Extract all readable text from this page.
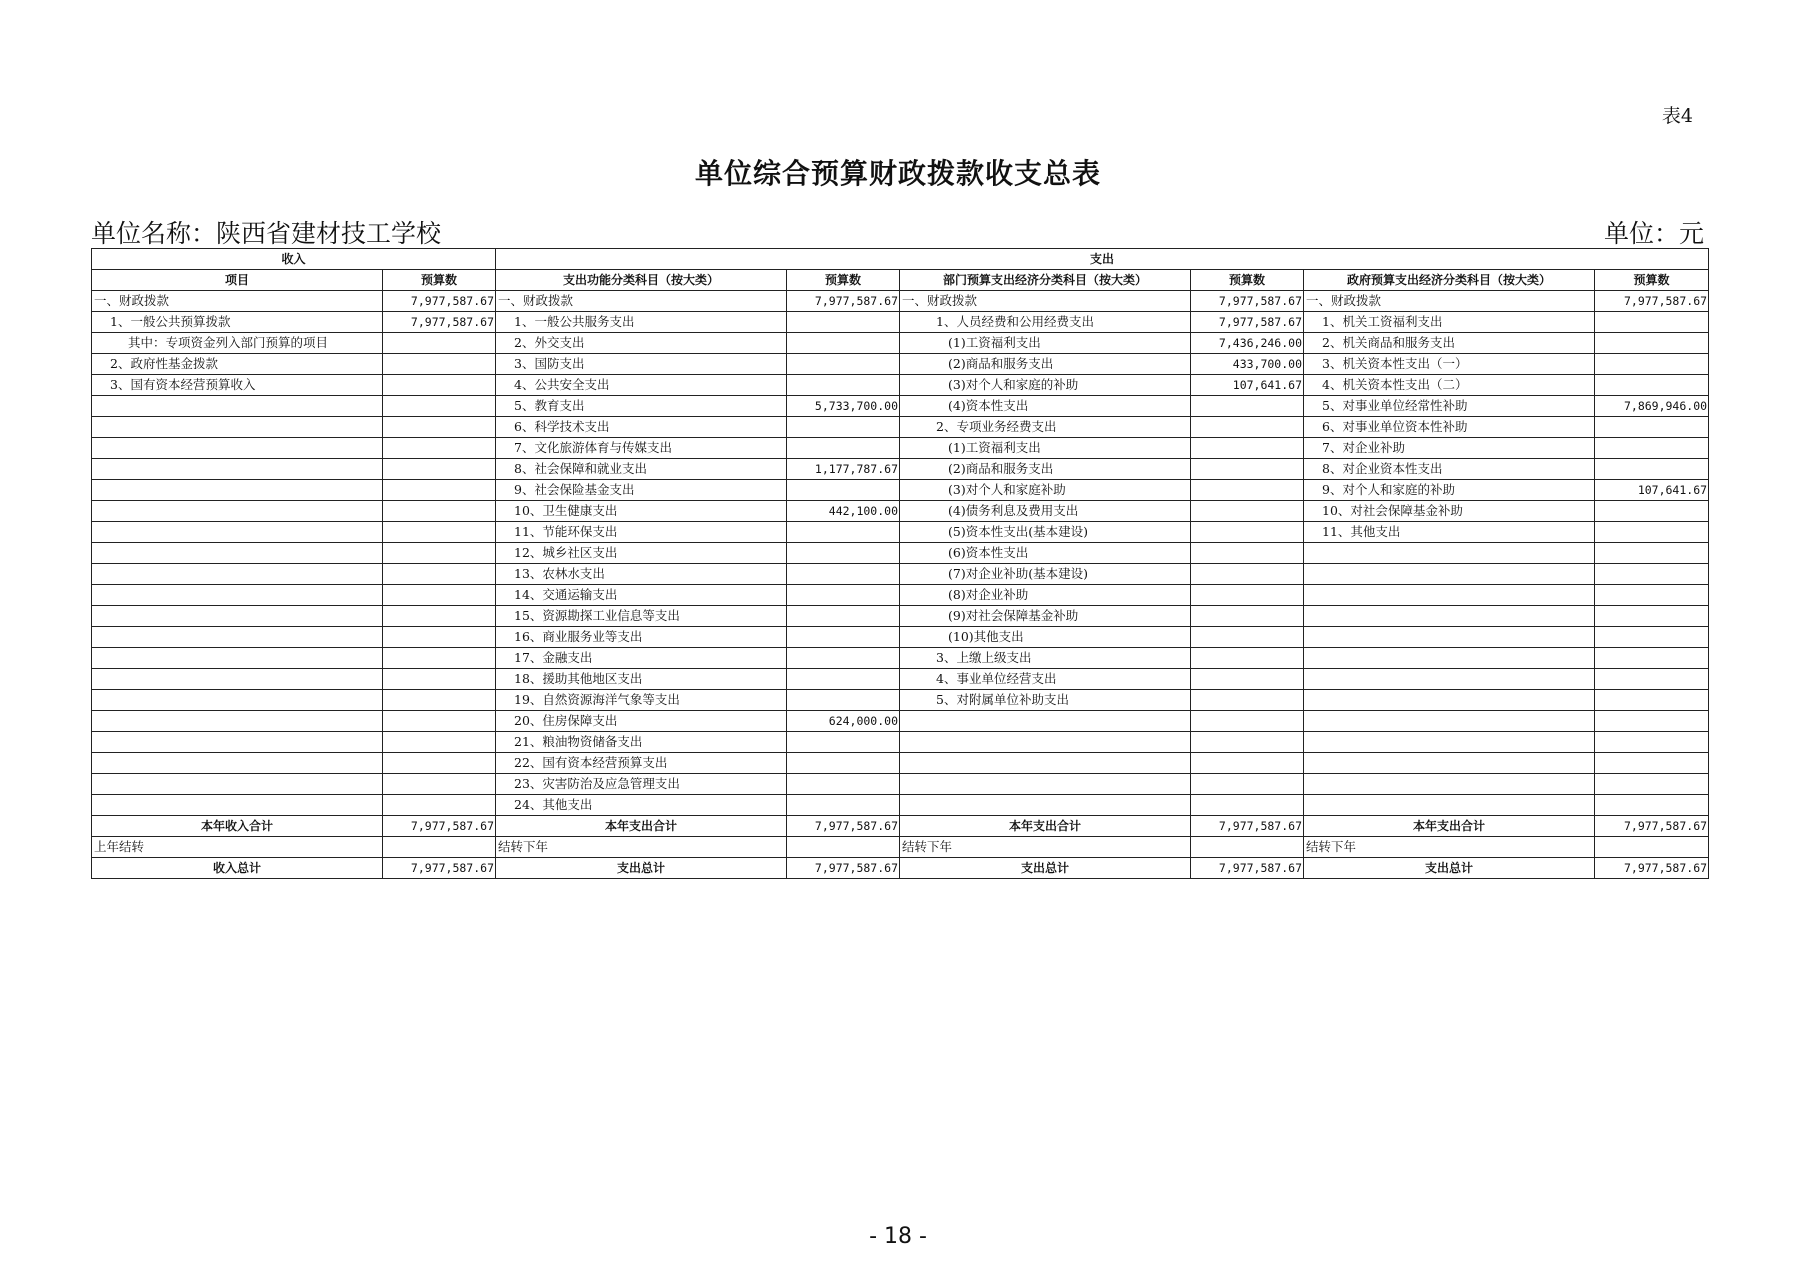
表4
单位综合预算财政拨款收支总表
单位名称：陕西省建材技工学校	单位：元
收入		支出					
项目	预算数	支出功能分类科目（按大类）	预算数	部门预算支出经济分类科目（按大类）	预算数	政府预算支出经济分类科目（按大类）	预算数
一、财政拨款	7,977,587.67	一、财政拨款	7,977,587.67	一、财政拨款	7,977,587.67	一、财政拨款	7,977,587.67
1、一般公共预算拨款	7,977,587.67	1、一般公共服务支出		1、人员经费和公用经费支出	7,977,587.67	1、机关工资福利支出	
其中：专项资金列入部门预算的项目		2、外交支出		(1)工资福利支出	7,436,246.00	2、机关商品和服务支出	
2、政府性基金拨款		3、国防支出		(2)商品和服务支出	433,700.00	3、机关资本性支出（一）	
3、国有资本经营预算收入		4、公共安全支出		(3)对个人和家庭的补助	107,641.67	4、机关资本性支出（二）	
		5、教育支出	5,733,700.00	(4)资本性支出		5、对事业单位经常性补助	7,869,946.00
		6、科学技术支出		2、专项业务经费支出		6、对事业单位资本性补助	
		7、文化旅游体育与传媒支出		(1)工资福利支出		7、对企业补助	
		8、社会保障和就业支出	1,177,787.67	(2)商品和服务支出		8、对企业资本性支出	
		9、社会保险基金支出		(3)对个人和家庭补助		9、对个人和家庭的补助	107,641.67
		10、卫生健康支出	442,100.00	(4)债务利息及费用支出		10、对社会保障基金补助	
		11、节能环保支出		(5)资本性支出(基本建设)		11、其他支出	
		12、城乡社区支出		(6)资本性支出			
		13、农林水支出		(7)对企业补助(基本建设)			
		14、交通运输支出		(8)对企业补助			
		15、资源勘探工业信息等支出		(9)对社会保障基金补助			
		16、商业服务业等支出		(10)其他支出			
		17、金融支出		3、上缴上级支出			
		18、援助其他地区支出		4、事业单位经营支出			
		19、自然资源海洋气象等支出		5、对附属单位补助支出			
		20、住房保障支出	624,000.00				
		21、粮油物资储备支出					
		22、国有资本经营预算支出					
		23、灾害防治及应急管理支出					
		24、其他支出					
本年收入合计	7,977,587.67	本年支出合计	7,977,587.67	本年支出合计	7,977,587.67	本年支出合计	7,977,587.67
上年结转		结转下年		结转下年		结转下年	
收入总计	7,977,587.67	支出总计	7,977,587.67	支出总计	7,977,587.67	支出总计	7,977,587.67
- 18 -
